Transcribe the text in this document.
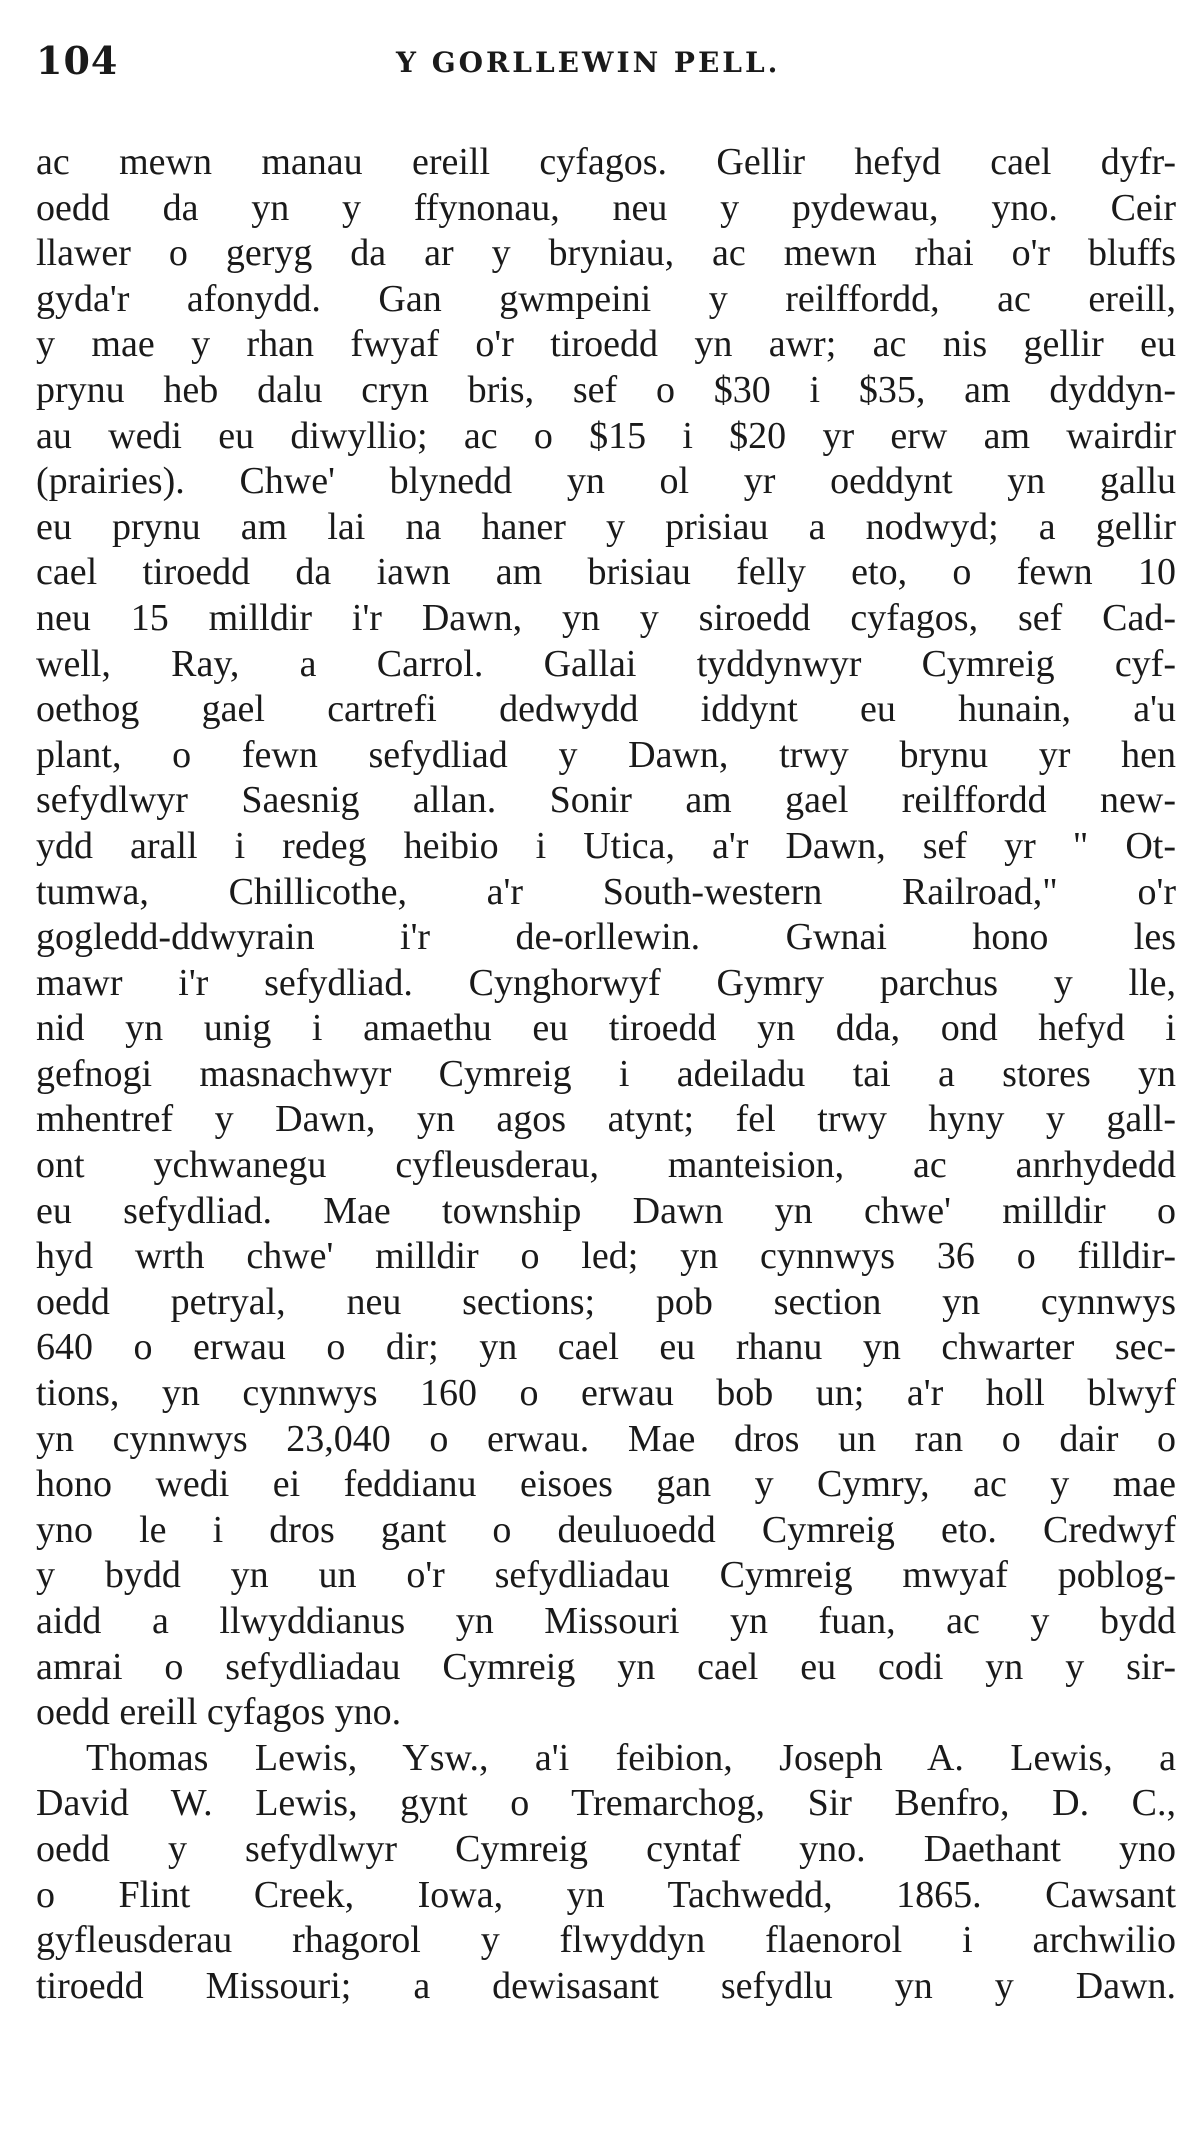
104	Y GORLLEWIN PELL.
ac mewn manau ereill cyfagos. Gellir hefyd cael dyfr-
oedd da yn y ffynonau, neu y pydewau, yno. Ceir
llawer o geryg da ar y bryniau, ac mewn rhai o'r bluffs
gyda'r afonydd. Gan gwmpeini y reilffordd, ac ereill,
y mae y rhan fwyaf o'r tiroedd yn awr; ac nis gellir eu
prynu heb dalu cryn bris, sef o $30 i $35, am dyddyn-
au wedi eu diwyllio; ac o $15 i $20 yr erw am wairdir
(prairies). Chwe' blynedd yn ol yr oeddynt yn gallu
eu prynu am lai na haner y prisiau a nodwyd; a gellir
cael tiroedd da iawn am brisiau felly eto, o fewn 10
neu 15 milldir i'r Dawn, yn y siroedd cyfagos, sef Cad-
well, Ray, a Carrol. Gallai tyddynwyr Cymreig cyf-
oethog gael cartrefi dedwydd iddynt eu hunain, a'u
plant, o fewn sefydliad y Dawn, trwy brynu yr hen
sefydlwyr Saesnig allan. Sonir am gael reilffordd new-
ydd arall i redeg heibio i Utica, a'r Dawn, sef yr " Ot-
tumwa, Chillicothe, a'r South-western Railroad," o'r
gogledd-ddwyrain i'r de-orllewin. Gwnai hono les
mawr i'r sefydliad. Cynghorwyf Gymry parchus y lle,
nid yn unig i amaethu eu tiroedd yn dda, ond hefyd i
gefnogi masnachwyr Cymreig i adeiladu tai a stores yn
mhentref y Dawn, yn agos atynt; fel trwy hyny y gall-
ont ychwanegu cyfleusderau, manteision, ac anrhydedd
eu sefydliad. Mae township Dawn yn chwe' milldir o
hyd wrth chwe' milldir o led; yn cynnwys 36 o filldir-
oedd petryal, neu sections; pob section yn cynnwys
640 o erwau o dir; yn cael eu rhanu yn chwarter sec-
tions, yn cynnwys 160 o erwau bob un; a'r holl blwyf
yn cynnwys 23,040 o erwau. Mae dros un ran o dair o
hono wedi ei feddianu eisoes gan y Cymry, ac y mae
yno le i dros gant o deuluoedd Cymreig eto. Credwyf
y bydd yn un o'r sefydliadau Cymreig mwyaf poblog-
aidd a llwyddianus yn Missouri yn fuan, ac y bydd
amrai o sefydliadau Cymreig yn cael eu codi yn y sir-
oedd ereill cyfagos yno.
Thomas Lewis, Ysw., a'i feibion, Joseph A. Lewis, a
David W. Lewis, gynt o Tremarchog, Sir Benfro, D. C.,
oedd y sefydlwyr Cymreig cyntaf yno. Daethant yno
o Flint Creek, Iowa, yn Tachwedd, 1865. Cawsant
gyfleusderau rhagorol y flwyddyn flaenorol i archwilio
tiroedd Missouri; a dewisasant sefydlu yn y Dawn.
